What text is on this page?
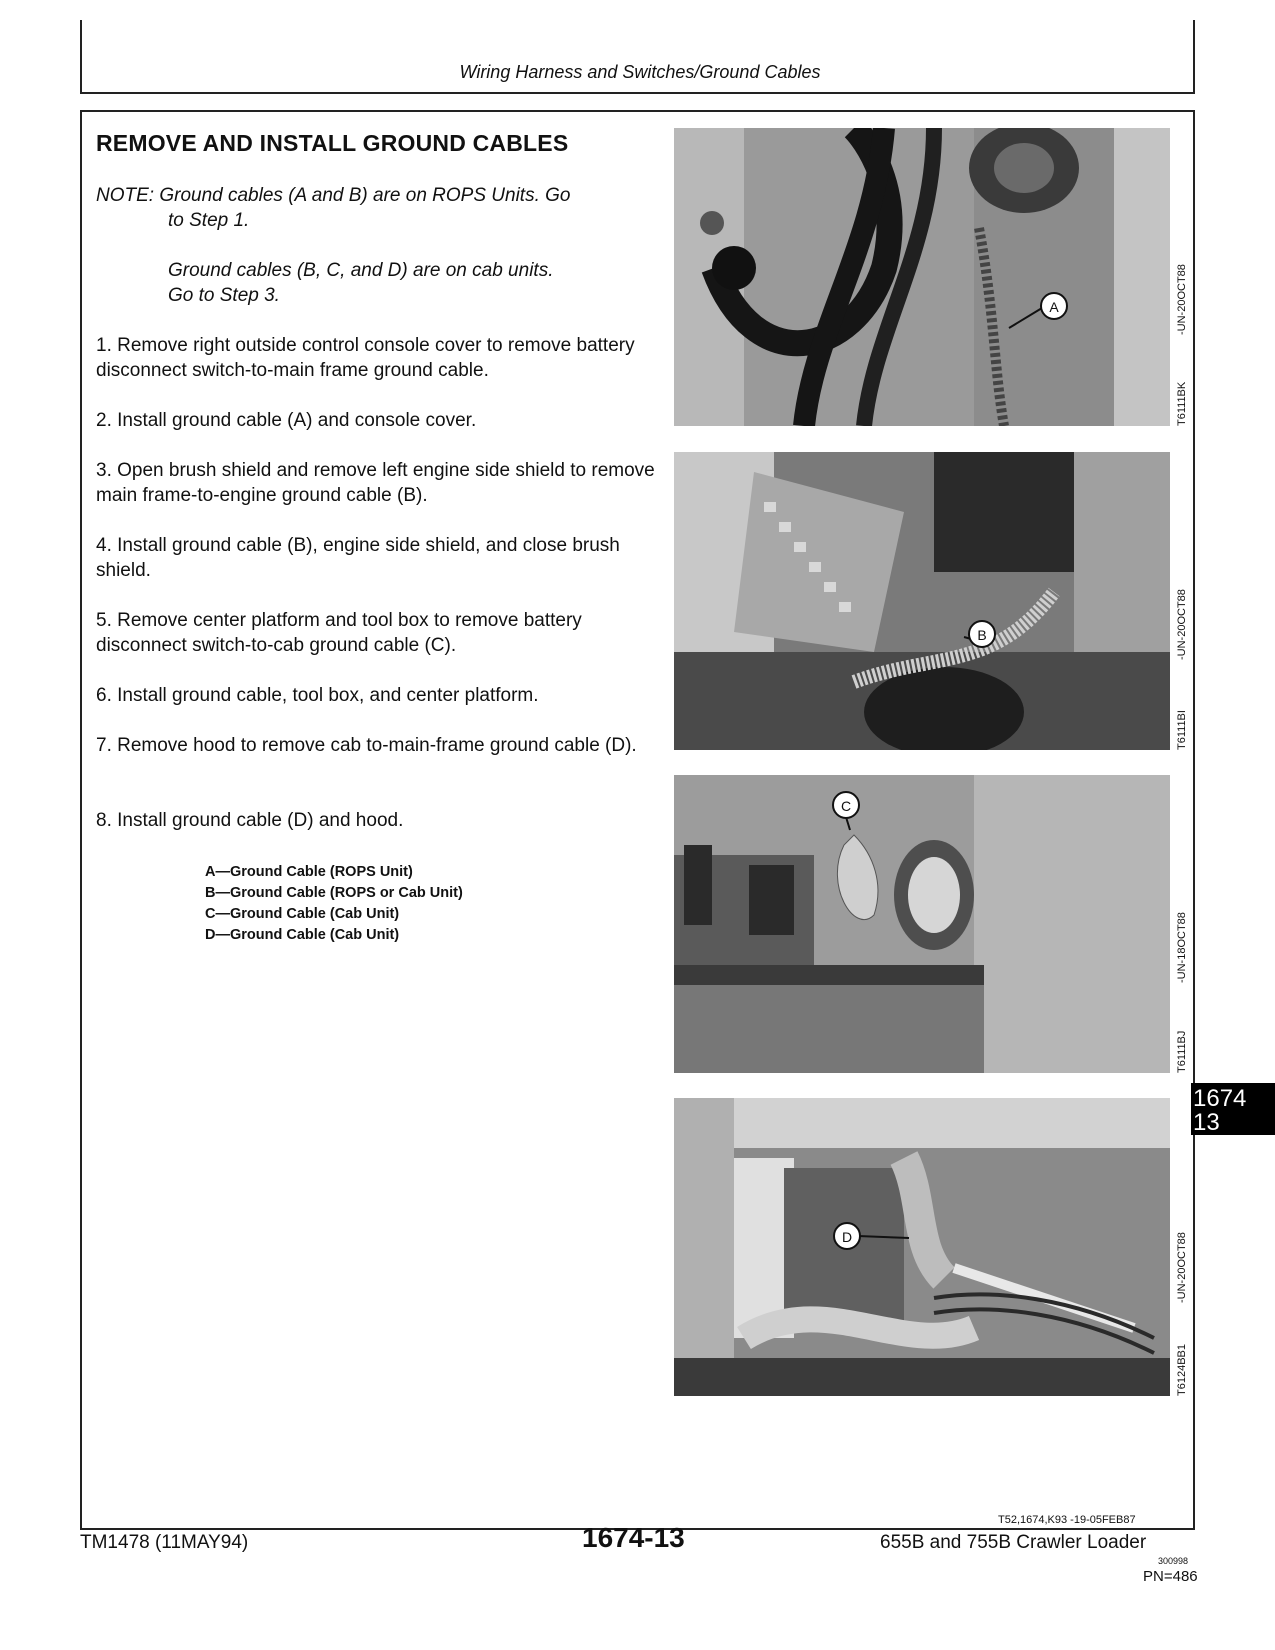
Wiring Harness and Switches/Ground Cables
REMOVE AND INSTALL GROUND CABLES
NOTE: Ground cables (A and B) are on ROPS Units. Go
to Step 1.
Ground cables (B, C, and D) are on cab units.
Go to Step 3.
1. Remove right outside control console cover to remove battery disconnect switch-to-main frame ground cable.
2. Install ground cable (A) and console cover.
3. Open brush shield and remove left engine side shield to remove main frame-to-engine ground cable (B).
4. Install ground cable (B), engine side shield, and close brush shield.
5. Remove center platform and tool box to remove battery disconnect switch-to-cab ground cable (C).
6. Install ground cable, tool box, and center platform.
7. Remove hood to remove cab to-main-frame ground cable (D).
8. Install ground cable (D) and hood.
A—Ground Cable (ROPS Unit)
B—Ground Cable (ROPS or Cab Unit)
C—Ground Cable (Cab Unit)
D—Ground Cable (Cab Unit)
A
B
C
D
T6111BK
-UN-20OCT88
T6111BI
-UN-20OCT88
T6111BJ
-UN-18OCT88
T6124BB1
-UN-20OCT88
1674
13
T52,1674,K93 -19-05FEB87
TM1478 (11MAY94)	1674-13	655B and 755B Crawler Loader
300998
PN=486
